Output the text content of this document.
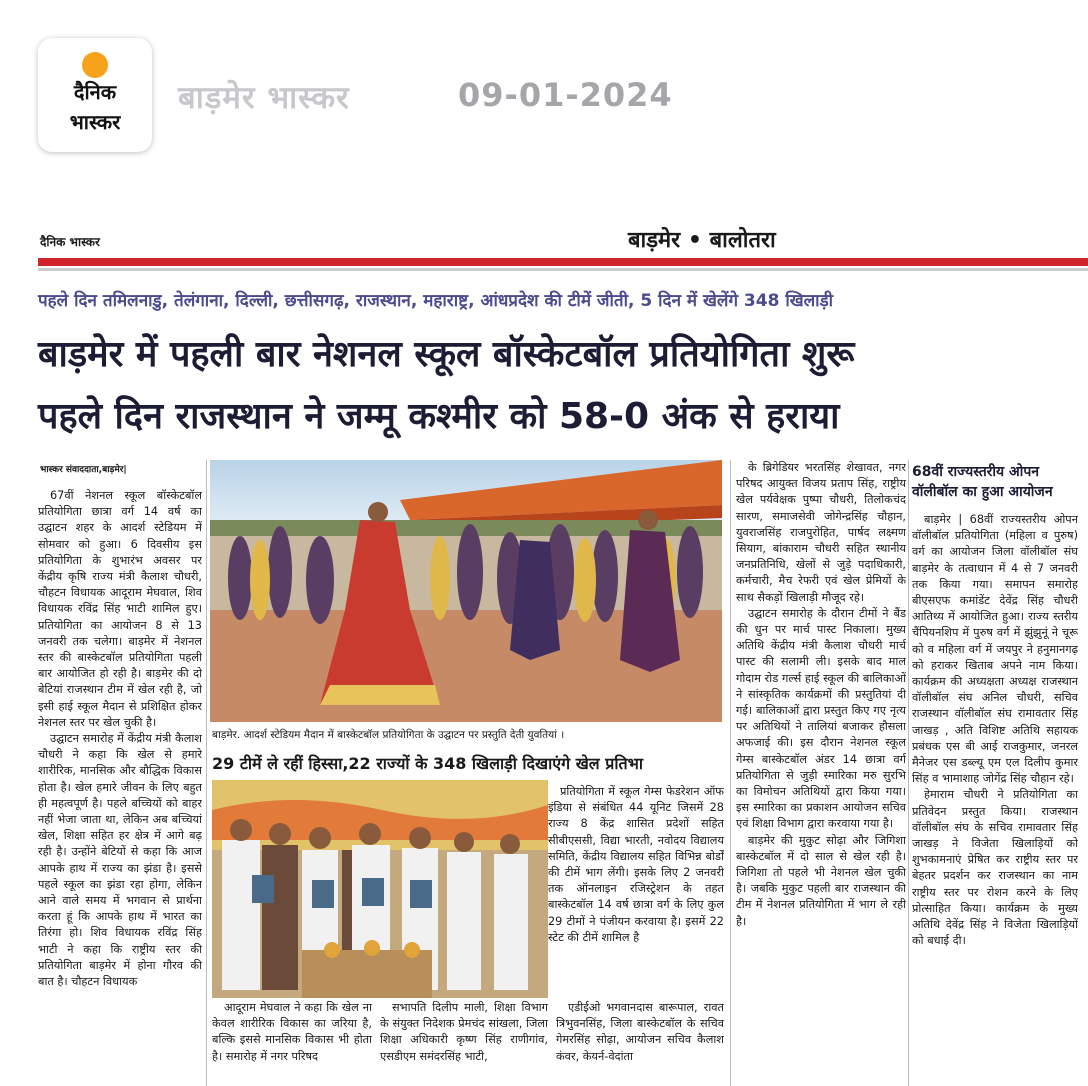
दैनिक
भास्कर
बाड़मेर भास्कर	09-01-2024
दैनिक भास्कर	बाड़मेर • बालोतरा
पहले दिन तमिलनाडु, तेलंगाना, दिल्ली, छत्तीसगढ़, राजस्थान, महाराष्ट्र, आंधप्रदेश की टीमें जीती, 5 दिन में खेलेंगे 348 खिलाड़ी
बाड़मेर में पहली बार नेशनल स्कूल बॉस्केटबॉल प्रतियोगिता शुरू
पहले दिन राजस्थान ने जम्मू कश्मीर को 58-0 अंक से हराया
भास्कर संवाददाता,बाड़मेर|

67वीं नेशनल स्कूल बॉस्केटबॉल प्रतियोगिता छात्रा वर्ग 14 वर्ष का उद्घाटन शहर के आदर्श स्टेडियम में सोमवार को हुआ। 6 दिवसीय इस प्रतियोगिता के शुभारंभ अवसर पर केंद्रीय कृषि राज्य मंत्री कैलाश चौधरी, चौहटन विधायक आदूराम मेघवाल, शिव विधायक रविंद्र सिंह भाटी शामिल हुए। प्रतियोगिता का आयोजन 8 से 13 जनवरी तक चलेगा। बाड़मेर में नेशनल स्तर की बास्केटबॉल प्रतियोगिता पहली बार आयोजित हो रही है। बाड़मेर की दो बेटियां राजस्थान टीम में खेल रही है, जो इसी हाई स्कूल मैदान से प्रशिक्षित होकर नेशनल स्तर पर खेल चुकी है।

उद्घाटन समारोह में केंद्रीय मंत्री कैलाश चौधरी ने कहा कि खेल से हमारे शारीरिक, मानसिक और बौद्धिक विकास होता है। खेल हमारे जीवन के लिए बहुत ही महत्वपूर्ण है। पहले बच्चियों को बाहर नहीं भेजा जाता था, लेकिन अब बच्चियां खेल, शिक्षा सहित हर क्षेत्र में आगे बढ़ रही है। उन्होंने बेटियों से कहा कि आज आपके हाथ में राज्य का झंडा है। इससे पहले स्कूल का झंडा रहा होगा, लेकिन आने वाले समय में भगवान से प्रार्थना करता हूं कि आपके हाथ में भारत का तिरंगा हो। शिव विधायक रविंद्र सिंह भाटी ने कहा कि राष्ट्रीय स्तर की प्रतियोगिता बाड़मेर में होना गौरव की बात है। चौहटन विधायक

बाड़मेर. आदर्श स्टेडियम मैदान में बास्केटबॉल प्रतियोगिता के उद्घाटन पर प्रस्तुति देती युवतियां ।
29 टीमें ले रहीं हिस्सा,22 राज्यों के 348 खिलाड़ी दिखाएंगे खेल प्रतिभा

प्रतियोगिता में स्कूल गेम्स फेडरेशन ऑफ इंडिया से संबंधित 44 यूनिट जिसमें 28 राज्य 8 केंद्र शासित प्रदेशों सहित सीबीएससी, विद्या भारती, नवोदय विद्यालय समिति, केंद्रीय विद्यालय सहित विभिन्न बोर्डों की टीमें भाग लेंगी। इसके लिए 2 जनवरी तक ऑनलाइन रजिस्ट्रेशन के तहत बास्केटबॉल 14 वर्ष छात्रा वर्ग के लिए कुल 29 टीमों ने पंजीयन करवाया है। इसमें 22 स्टेट की टीमें शामिल है

आदूराम मेघवाल ने कहा कि खेल ना केवल शारीरिक विकास का जरिया है, बल्कि इससे मानसिक विकास भी होता है। समारोह में नगर परिषद

सभापति दिलीप माली, शिक्षा विभाग के संयुक्त निदेशक प्रेमचंद सांखला, जिला शिक्षा अधिकारी कृष्ण सिंह राणीगांव, एसडीएम समंदरसिंह भाटी,

एडीईओ भगवानदास बारूपाल, रावत त्रिभुवनसिंह, जिला बास्केटबॉल के सचिव गेमरसिंह सोढ़ा, आयोजन सचिव कैलाश कंवर, केयर्न-वेदांता

के ब्रिगेडियर भरतसिंह शेखावत, नगर परिषद आयुक्त विजय प्रताप सिंह, राष्ट्रीय खेल पर्यवेक्षक पुष्पा चौधरी, तिलोकचंद सारण, समाजसेवी जोगेन्द्रसिंह चौहान, युवराजसिंह राजपुरोहित, पार्षद लक्ष्मण सियाग, बांकाराम चौधरी सहित स्थानीय जनप्रतिनिधि, खेलों से जुड़े पदाधिकारी, कर्मचारी, मैच रेफरी एवं खेल प्रेमियों के साथ सैकड़ों खिलाड़ी मौजूद रहे।

उद्घाटन समारोह के दौरान टीमों ने बैंड की धुन पर मार्च पास्ट निकाला। मुख्य अतिथि केंद्रीय मंत्री कैलाश चौधरी मार्च पास्ट की सलामी ली। इसके बाद माल गोदाम रोड गर्ल्स हाई स्कूल की बालिकाओं ने सांस्कृतिक कार्यक्रमों की प्रस्तुतियां दी गई। बालिकाओं द्वारा प्रस्तुत किए गए नृत्य पर अतिथियों ने तालियां बजाकर हौसला अफजाई की। इस दौरान नेशनल स्कूल गेम्स बास्केटबॉल अंडर 14 छात्रा वर्ग प्रतियोगिता से जुड़ी स्मारिका मरु सुरभि का विमोचन अतिथियों द्वारा किया गया। इस स्मारिका का प्रकाशन आयोजन सचिव एवं शिक्षा विभाग द्वारा करवाया गया है।

बाड़मेर की मुकुट सोढ़ा और जिगिशा बास्केटबॉल में दो साल से खेल रही है। जिगिशा तो पहले भी नेशनल खेल चुकी है। जबकि मुकुट पहली बार राजस्थान की टीम में नेशनल प्रतियोगिता में भाग ले रही है।

68वीं राज्यस्तरीय ओपन वॉलीबॉल का हुआ आयोजन

बाड़मेर | 68वीं राज्यस्तरीय ओपन वॉलीबॉल प्रतियोगिता (महिला व पुरुष) वर्ग का आयोजन जिला वॉलीबॉल संघ बाड़मेर के तत्वाधान में 4 से 7 जनवरी तक किया गया। समापन समारोह बीएसएफ कमांडेंट देवेंद्र सिंह चौधरी आतिथ्य में आयोजित हुआ। राज्य स्तरीय चैंपियनशिप में पुरुष वर्ग में झुंझुनूं ने चूरू को व महिला वर्ग में जयपुर ने हनुमानगढ़ को हराकर खिताब अपने नाम किया।कार्यक्रम की अध्यक्षता अध्यक्ष राजस्थान वॉलीबॉल संघ अनिल चौधरी, सचिव राजस्थान वॉलीबॉल संघ रामावतार सिंह जाखड़ , अति विशिष्ट अतिथि सहायक प्रबंधक एस बी आई राजकुमार, जनरल मैनेजर एस डब्ल्यू एम एल दिलीप कुमार सिंह व भामाशाह जोगेंद्र सिंह चौहान रहे।

हेमाराम चौधरी ने प्रतियोगिता का प्रतिवेदन प्रस्तुत किया। राजस्थान वॉलीबॉल संघ के सचिव रामावतार सिंह जाखड़ ने विजेता खिलाड़ियों को शुभकामनाएं प्रेषित कर राष्ट्रीय स्तर पर बेहतर प्रदर्शन कर राजस्थान का नाम राष्ट्रीय स्तर पर रोशन करने के लिए प्रोत्साहित किया। कार्यक्रम के मुख्य अतिथि देवेंद्र सिंह ने विजेता खिलाड़ियों को बधाई दी।
